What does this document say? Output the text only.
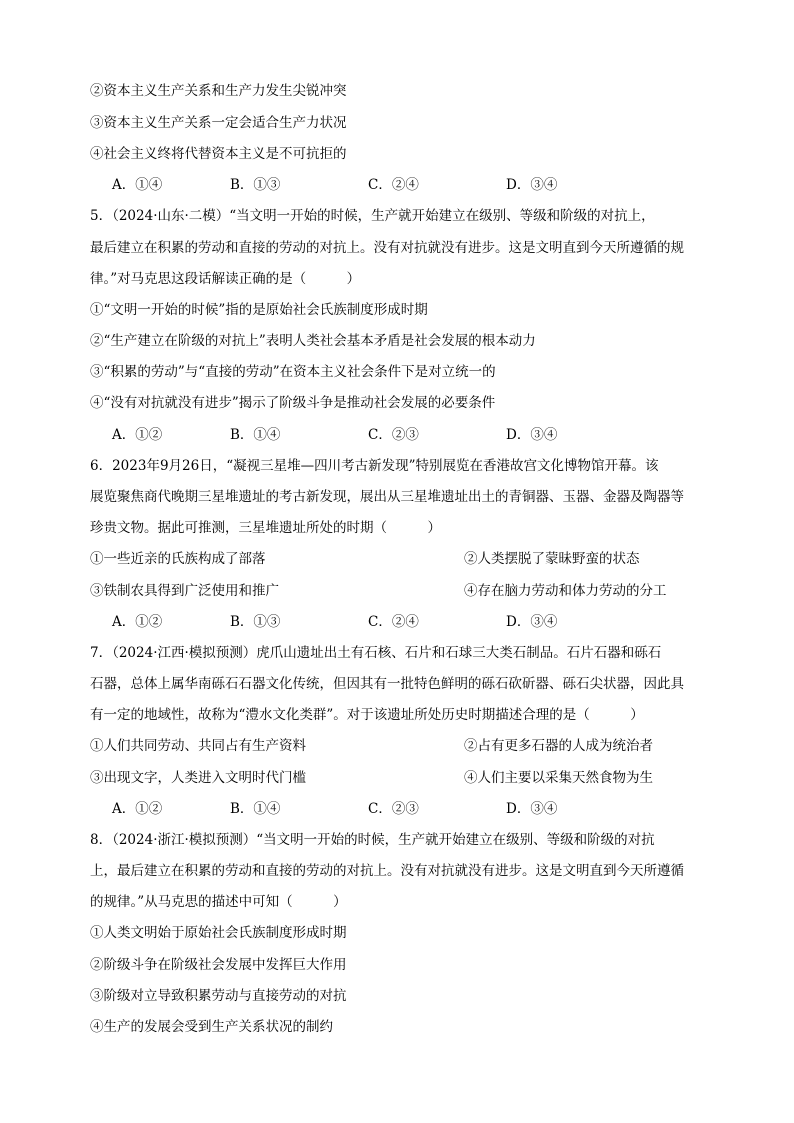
②资本主义生产关系和生产力发生尖锐冲突
③资本主义生产关系一定会适合生产力状况
④社会主义终将代替资本主义是不可抗拒的
A．①④	B．①③	C．②④	D．③④
5．（2024·山东·二模）“当文明一开始的时候，生产就开始建立在级别、等级和阶级的对抗上，
最后建立在积累的劳动和直接的劳动的对抗上。没有对抗就没有进步。这是文明直到今天所遵循的规
律。”对马克思这段话解读正确的是（　　　）
①“文明一开始的时候”指的是原始社会氏族制度形成时期
②“生产建立在阶级的对抗上”表明人类社会基本矛盾是社会发展的根本动力
③“积累的劳动”与“直接的劳动”在资本主义社会条件下是对立统一的
④“没有对抗就没有进步”揭示了阶级斗争是推动社会发展的必要条件
A．①②	B．①④	C．②③	D．③④
6．2023年9月26日，“凝视三星堆—四川考古新发现”特别展览在香港故宫文化博物馆开幕。该
展览聚焦商代晚期三星堆遗址的考古新发现，展出从三星堆遗址出土的青铜器、玉器、金器及陶器等
珍贵文物。据此可推测，三星堆遗址所处的时期（　　　）
①一些近亲的氏族构成了部落	②人类摆脱了蒙昧野蛮的状态
③铁制农具得到广泛使用和推广	④存在脑力劳动和体力劳动的分工
A．①②	B．①③	C．②④	D．③④
7．（2024·江西·模拟预测）虎爪山遗址出土有石核、石片和石球三大类石制品。石片石器和砾石
石器，总体上属华南砾石石器文化传统，但因其有一批特色鲜明的砾石砍斫器、砾石尖状器，因此具
有一定的地域性，故称为“澧水文化类群”。对于该遗址所处历史时期描述合理的是（　　　）
①人们共同劳动、共同占有生产资料	②占有更多石器的人成为统治者
③出现文字，人类进入文明时代门槛	④人们主要以采集天然食物为生
A．①②	B．①④	C．②③	D．③④
8．（2024·浙江·模拟预测）“当文明一开始的时候，生产就开始建立在级别、等级和阶级的对抗
上，最后建立在积累的劳动和直接的劳动的对抗上。没有对抗就没有进步。这是文明直到今天所遵循
的规律。”从马克思的描述中可知（　　　）
①人类文明始于原始社会氏族制度形成时期
②阶级斗争在阶级社会发展中发挥巨大作用
③阶级对立导致积累劳动与直接劳动的对抗
④生产的发展会受到生产关系状况的制约
